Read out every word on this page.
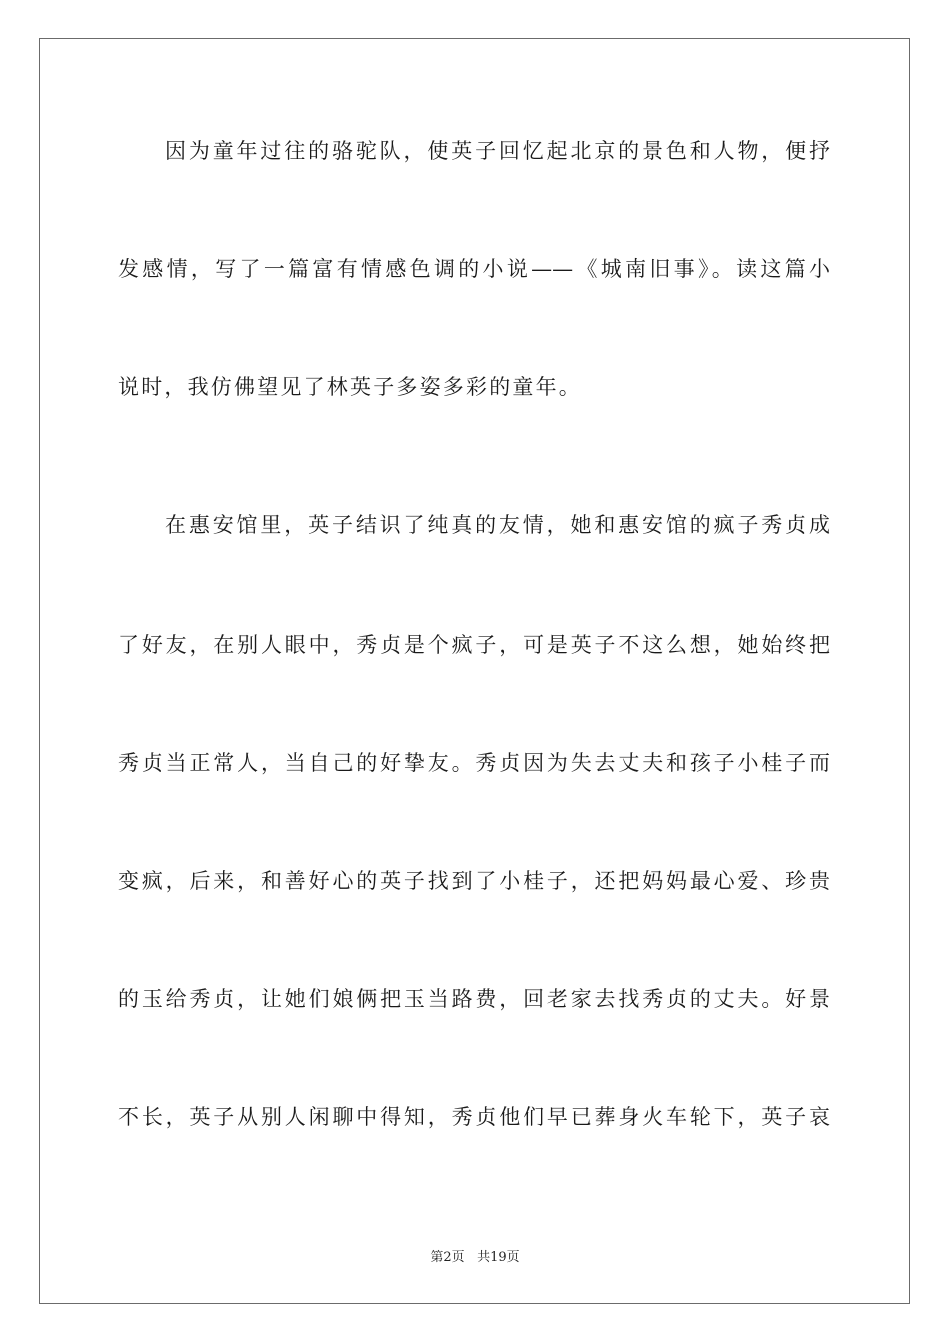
因为童年过往的骆驼队，使英子回忆起北京的景色和人物，便抒
发感情，写了一篇富有情感色调的小说——《城南旧事》。读这篇小
说时，我仿佛望见了林英子多姿多彩的童年。
在惠安馆里，英子结识了纯真的友情，她和惠安馆的疯子秀贞成
了好友，在别人眼中，秀贞是个疯子，可是英子不这么想，她始终把
秀贞当正常人，当自己的好挚友。秀贞因为失去丈夫和孩子小桂子而
变疯，后来，和善好心的英子找到了小桂子，还把妈妈最心爱、珍贵
的玉给秀贞，让她们娘俩把玉当路费，回老家去找秀贞的丈夫。好景
不长，英子从别人闲聊中得知，秀贞他们早已葬身火车轮下，英子哀
第2页 共19页
